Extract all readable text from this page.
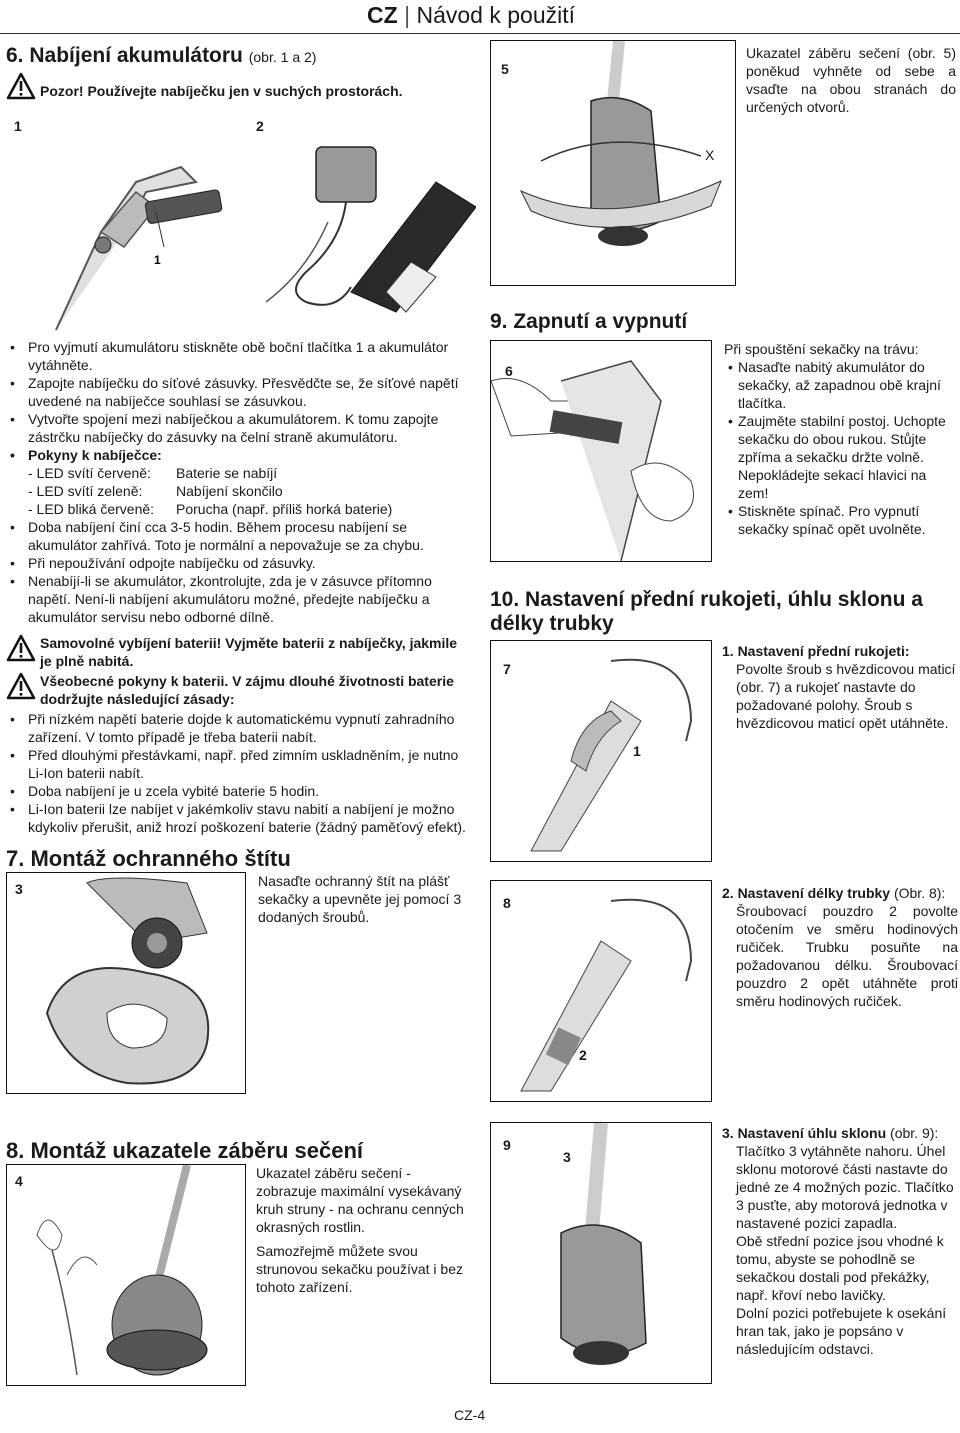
CZ | Návod k použití
6. Nabíjení akumulátoru (obr. 1 a 2)
Pozor! Používejte nabíječku jen v suchých prostorách.
1	2
1
• Pro vyjmutí akumulátoru stiskněte obě boční tlačítka 1 a akumulátor vytáhněte.
• Zapojte nabíječku do síťové zásuvky. Přesvědčte se, že síťové napětí uvedené na nabíječce souhlasí se zásuvkou.
• Vytvořte spojení mezi nabíječkou a akumulátorem. K tomu zapojte zástrčku nabíječky do zásuvky na čelní straně akumulátoru.
• Pokyny k nabíječce:
- LED svítí červeně:	Baterie se nabíjí
- LED svítí zeleně:	Nabíjení skončilo
- LED bliká červeně:	Porucha (např. příliš horká baterie)
• Doba nabíjení činí cca 3-5 hodin. Během procesu nabíjení se akumulátor zahřívá. Toto je normální a nepovažuje se za chybu.
• Při nepoužívání odpojte nabíječku od zásuvky.
• Nenabíjí-li se akumulátor, zkontrolujte, zda je v zásuvce přítomno napětí. Není-li nabíjení akumulátoru možné, předejte nabíječku a akumulátor servisu nebo odborné dílně.
Samovolné vybíjení baterii! Vyjměte baterii z nabíječky, jakmile je plně nabitá.
Všeobecné pokyny k baterii. V zájmu dlouhé životnosti baterie dodržujte následující zásady:
• Při nízkém napětí baterie dojde k automatickému vypnutí zahradního zařízení. V tomto případě je třeba baterii nabít.
• Před dlouhými přestávkami, např. před zimním uskladněním, je nutno Li-Ion baterii nabít.
• Doba nabíjení je u zcela vybité baterie 5 hodin.
• Li-Ion baterii lze nabíjet v jakémkoliv stavu nabití a nabíjení je možno kdykoliv přerušit, aniž hrozí poškození baterie (žádný paměťový efekt).
7. Montáž ochranného štítu
3	Nasaďte ochranný štít na plášť sekačky a upevněte jej pomocí 3 dodaných šroubů.
8. Montáž ukazatele záběru sečení
4	Ukazatel záběru sečení - zobrazuje maximální vysekávaný kruh struny - na ochranu cenných okrasných rostlin.
Samozřejmě můžete svou strunovou sekačku používat i bez tohoto zařízení.
5
X
Ukazatel záběru sečení (obr. 5) poněkud vyhněte od sebe a vsaďte na obou stranách do určených otvorů.
9. Zapnutí a vypnutí
6
Při spouštění sekačky na trávu:
• Nasaďte nabitý akumulátor do sekačky, až zapadnou obě krajní tlačítka.
• Zaujměte stabilní postoj. Uchopte sekačku do obou rukou. Stůjte zpříma a sekačku držte volně. Nepokládejte sekací hlavici na zem!
• Stiskněte spínač. Pro vypnutí sekačky spínač opět uvolněte.
10. Nastavení přední rukojeti, úhlu sklonu a délky trubky
7
1
1. Nastavení přední rukojeti:
Povolte šroub s hvězdicovou maticí (obr. 7) a rukojeť nastavte do požadované polohy. Šroub s hvězdicovou maticí opět utáhněte.
8
2
2. Nastavení délky trubky (Obr. 8):
Šroubovací pouzdro 2 povolte otočením ve směru hodinových ručiček. Trubku posuňte na požadovanou délku. Šroubovací pouzdro 2 opět utáhněte proti směru hodinových ručiček.
9
3
3. Nastavení úhlu sklonu (obr. 9):
Tlačítko 3 vytáhněte nahoru. Úhel sklonu motorové části nastavte do jedné ze 4 možných pozic. Tlačítko 3 pusťte, aby motorová jednotka v nastavené pozici zapadla.
Obě střední pozice jsou vhodné k tomu, abyste se pohodlně se sekačkou dostali pod překážky, např. křoví nebo lavičky.
Dolní pozici potřebujete k osekání hran tak, jako je popsáno v následujícím odstavci.
CZ-4
